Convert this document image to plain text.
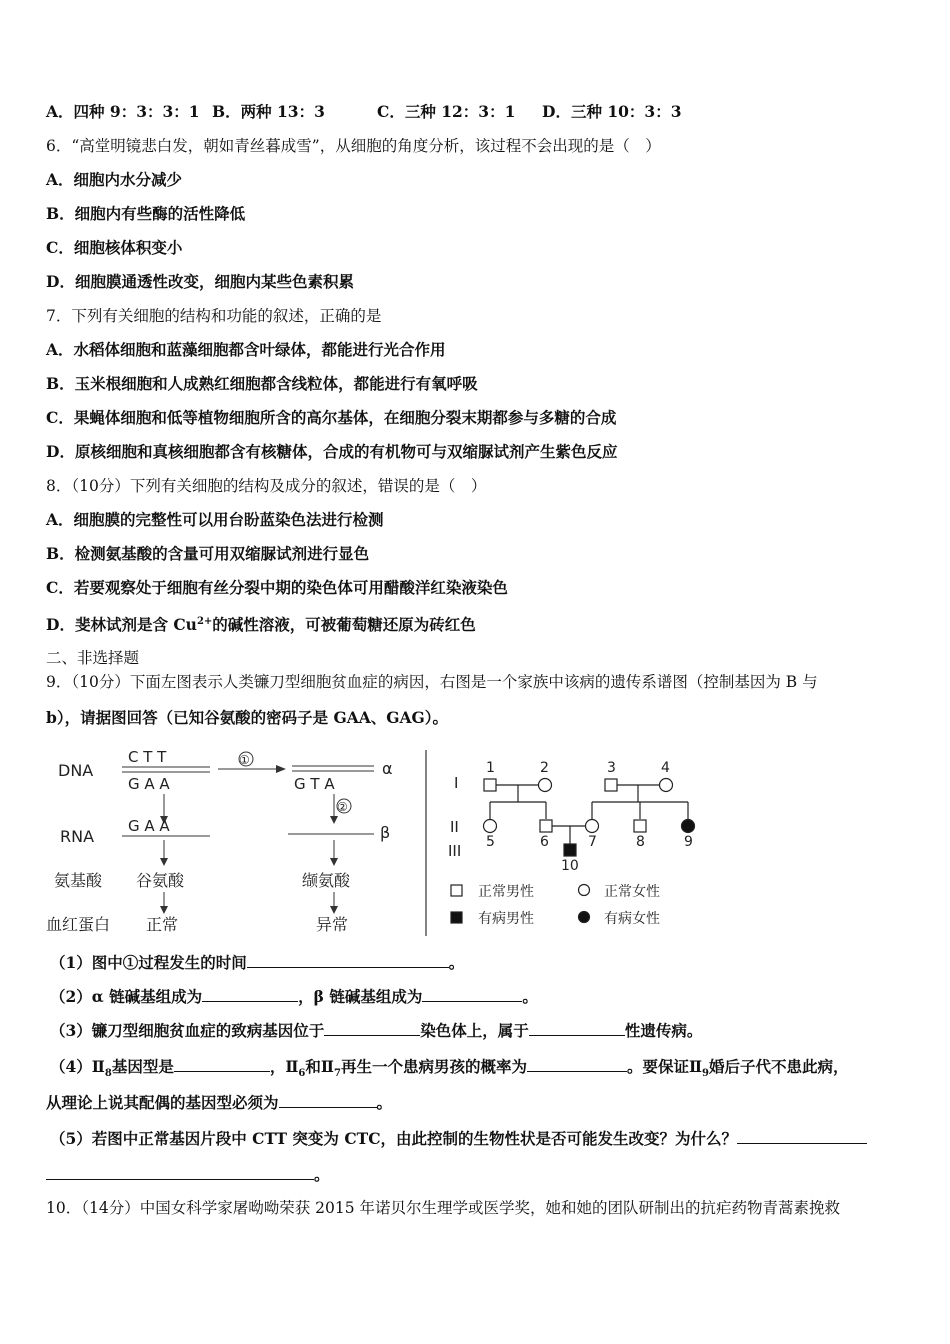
A．四种 9：3：3：1 B．两种 13：3	C．三种 12：3：1 D．三种 10：3：3
6．“高堂明镜悲白发，朝如青丝暮成雪”，从细胞的角度分析，该过程不会出现的是（　）
A．细胞内水分减少
B．细胞内有些酶的活性降低
C．细胞核体积变小
D．细胞膜通透性改变，细胞内某些色素积累
7．下列有关细胞的结构和功能的叙述，正确的是
A．水稻体细胞和蓝藻细胞都含叶绿体，都能进行光合作用
B．玉米根细胞和人成熟红细胞都含线粒体，都能进行有氧呼吸
C．果蝇体细胞和低等植物细胞所含的高尔基体，在细胞分裂末期都参与多糖的合成
D．原核细胞和真核细胞都含有核糖体，合成的有机物可与双缩脲试剂产生紫色反应
8．（10分）下列有关细胞的结构及成分的叙述，错误的是（　）
A．细胞膜的完整性可以用台盼蓝染色法进行检测
B．检测氨基酸的含量可用双缩脲试剂进行显色
C．若要观察处于细胞有丝分裂中期的染色体可用醋酸洋红染液染色
D．斐林试剂是含 $Cu^{2+}$的碱性溶液，可被葡萄糖还原为砖红色
二、非选择题
9．（10分）下面左图表示人类镰刀型细胞贫血症的病因，右图是一个家族中该病的遗传系谱图（控制基因为 B 与
b），请据图回答（已知谷氨酸的密码子是 GAA、GAG）。
DNA
RNA
氨基酸
血红蛋白
C T T
G A A
G A A
谷氨酸
正常
①	α
G T A
②
β
缬氨酸
异常
I
II
III
1	2	3	4
5	6	7	8	9
10
正常男性	正常女性
有病男性	有病女性
（1）图中①过程发生的时间	。
（2）α 链碱基组成为	，β 链碱基组成为	。
（3）镰刀型细胞贫血症的致病基因位于	染色体上，属于	性遗传病。
$(4)Ⅱ_8$基因型是	，$Ⅱ_6$和$Ⅱ_7$再生一个患病男孩的概率为	。要保证$Ⅱ_9$婚后子代不患此病，
从理论上说其配偶的基因型必须为	。
（5）若图中正常基因片段中 CTT 突变为 CTC，由此控制的生物性状是否可能发生改变？为什么？
。
10．（14分）中国女科学家屠呦呦荣获 2015 年诺贝尔生理学或医学奖，她和她的团队研制出的抗疟药物青蒿素挽救
